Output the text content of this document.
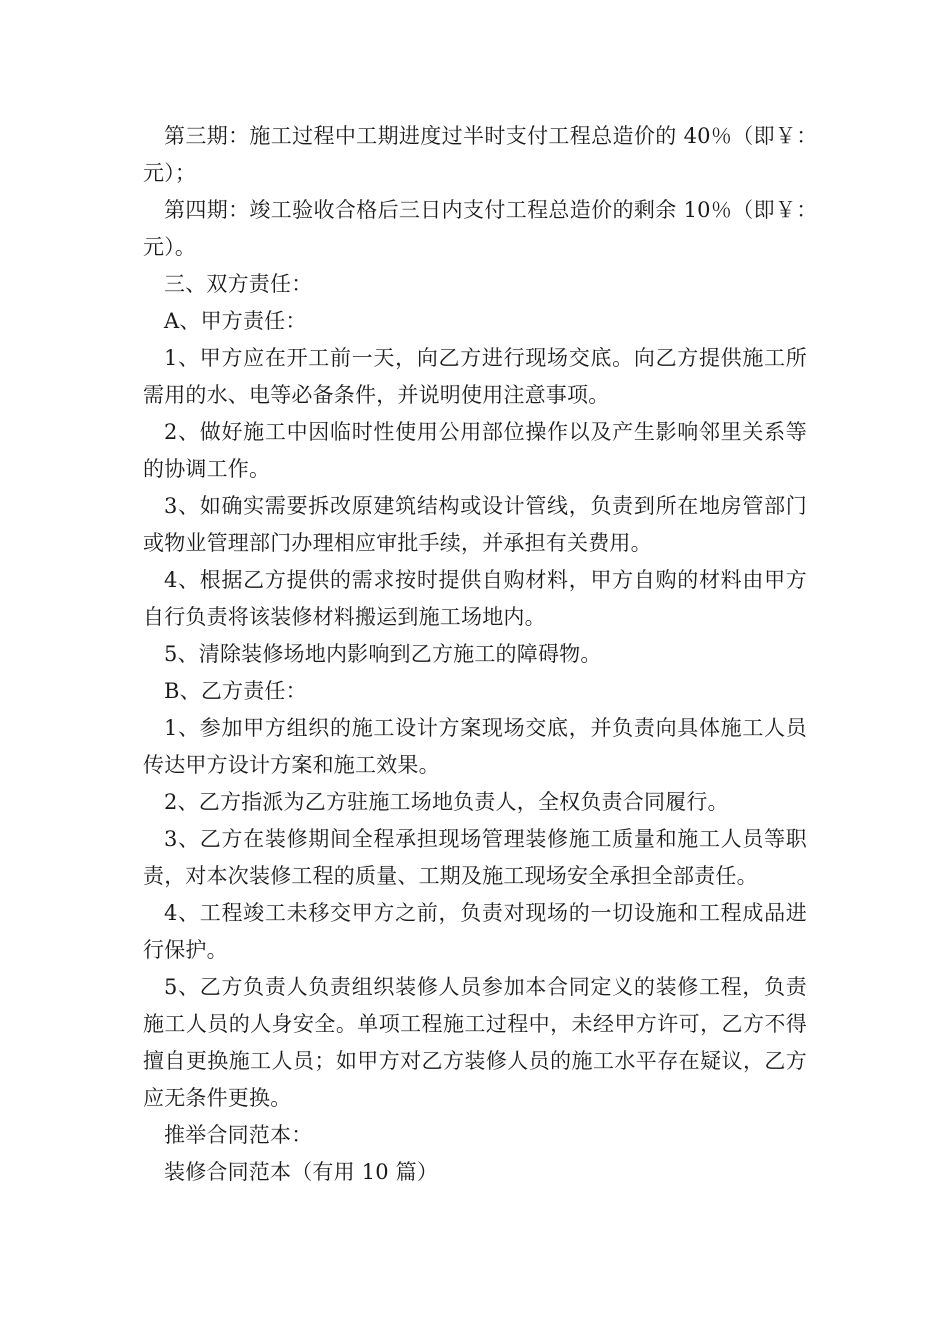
第三期：施工过程中工期进度过半时支付工程总造价的 40％（即￥：　元）；

第四期：竣工验收合格后三日内支付工程总造价的剩余 10％（即￥：　元）。

三、双方责任：

A、甲方责任：

1、甲方应在开工前一天，向乙方进行现场交底。向乙方提供施工所需用的水、电等必备条件，并说明使用注意事项。

2、做好施工中因临时性使用公用部位操作以及产生影响邻里关系等的协调工作。

3、如确实需要拆改原建筑结构或设计管线，负责到所在地房管部门或物业管理部门办理相应审批手续，并承担有关费用。

4、根据乙方提供的需求按时提供自购材料，甲方自购的材料由甲方自行负责将该装修材料搬运到施工场地内。

5、清除装修场地内影响到乙方施工的障碍物。

B、乙方责任：

1、参加甲方组织的施工设计方案现场交底，并负责向具体施工人员传达甲方设计方案和施工效果。

2、乙方指派为乙方驻施工场地负责人，全权负责合同履行。

3、乙方在装修期间全程承担现场管理装修施工质量和施工人员等职责，对本次装修工程的质量、工期及施工现场安全承担全部责任。

4、工程竣工未移交甲方之前，负责对现场的一切设施和工程成品进行保护。

5、乙方负责人负责组织装修人员参加本合同定义的装修工程，负责施工人员的人身安全。单项工程施工过程中，未经甲方许可，乙方不得擅自更换施工人员；如甲方对乙方装修人员的施工水平存在疑议，乙方应无条件更换。

推举合同范本：

装修合同范本（有用 10 篇）
